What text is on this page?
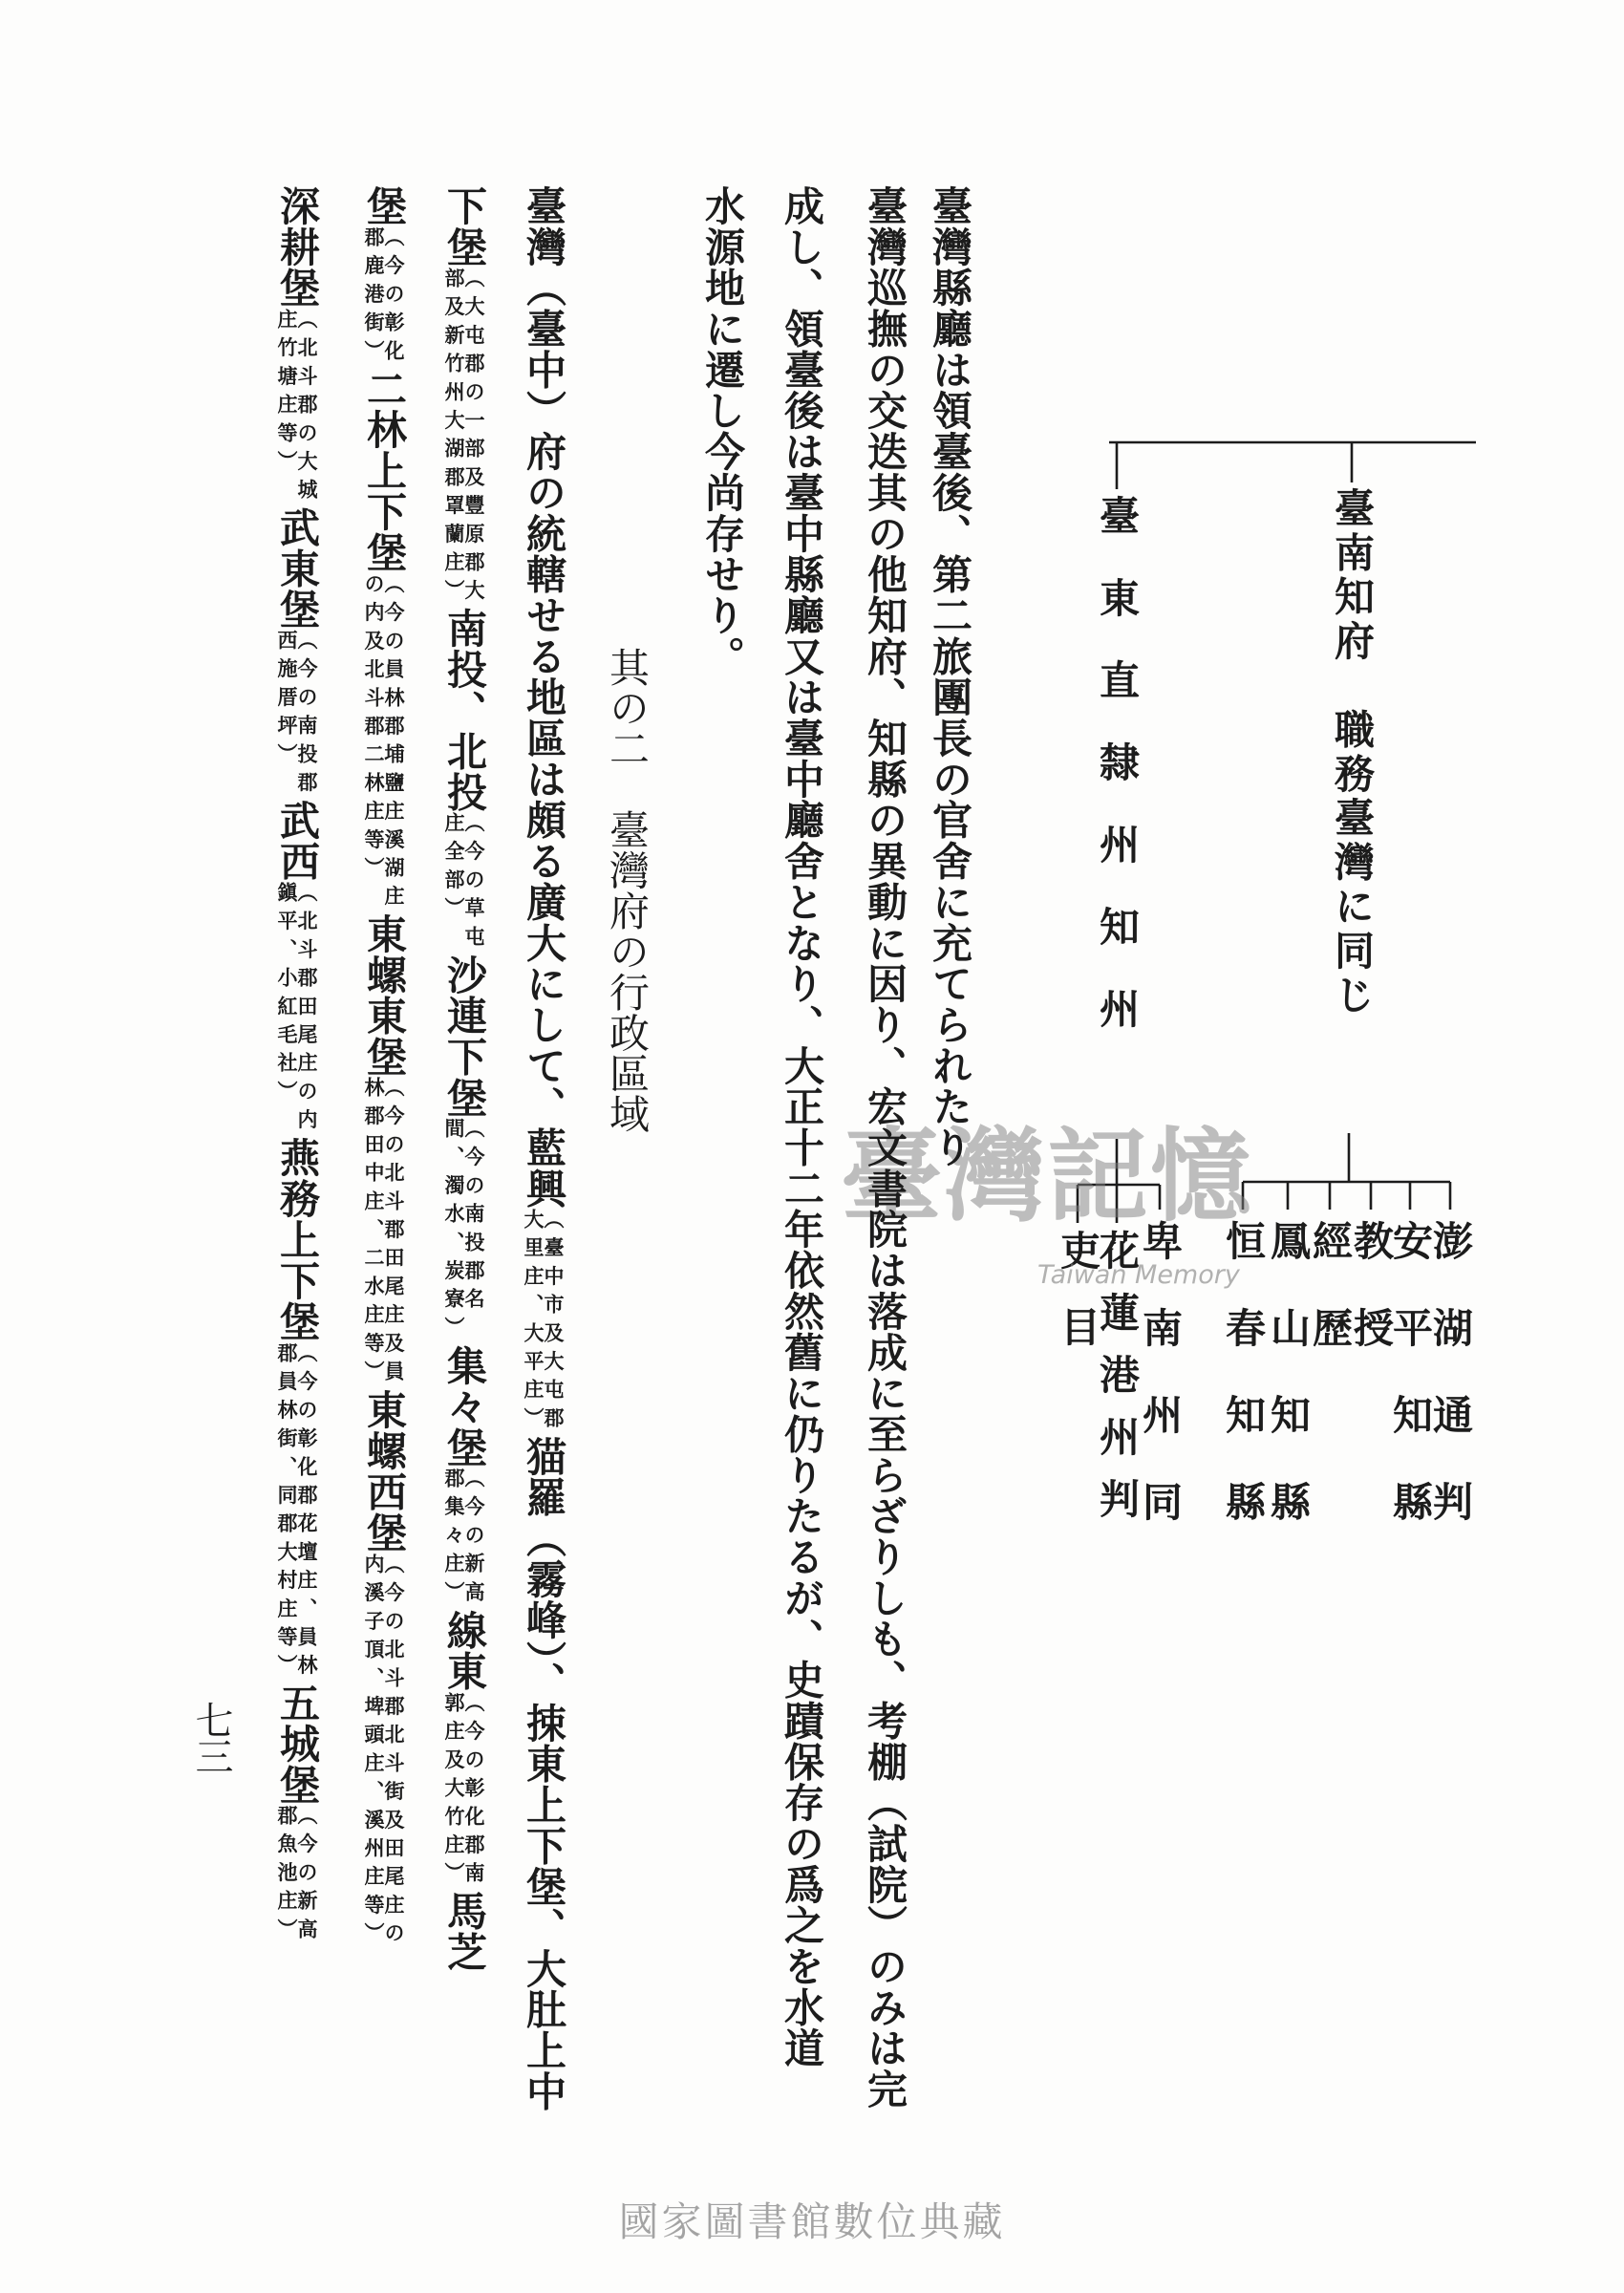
臺南知府　職務臺灣に同じ
臺東直隸州知州
澎湖通判
安平知縣
教授
經歷
鳳山知縣
恒春知縣
卑南州同
花蓮港州判
吏目
臺灣記憶
Taiwan Memory
臺灣縣廳は領臺後、第二旅團長の官舍に充てられたり
臺灣巡撫の交迭其の他知府、知縣の異動に因り、宏文書院は落成に至らざりしも、考棚（試院）のみは完
成し、領臺後は臺中縣廳又は臺中廳舍となり、大正十二年依然舊に仍りたるが、史蹟保存の爲之を水道
水源地に遷し今尚存せり。
其の二　臺灣府の行政區域
臺灣（臺中）府の統轄せる地區は頗る廣大にして、藍興
（臺中市及大屯郡
大里庄、大平庄）
猫羅（霧峰）、捒東上下堡、大肚上中
下堡
（大屯郡の一部及豐原郡大
部及新竹州大湖郡罩蘭庄）
南投、北投
（今の草屯
庄全部）
沙連下堡
（今の南投郡名
間、濁水、炭寮）
集々堡
（今の新高
郡集々庄）
線東
（今の彰化郡南
郭庄及大竹庄）
馬芝
堡
（今の彰化
郡鹿港街）
二林上下堡
（今の員林郡埔鹽庄溪湖庄
の内及北斗郡二林庄等）
東螺東堡
（今の北斗郡田尾庄及員
林郡田中庄、二水庄等）
東螺西堡
（今の北斗郡北斗街及田尾庄の
内溪子頂、埤頭庄、溪州庄等）
深耕堡
（北斗郡の大城
庄竹塘庄等）
武東堡
（今の南投郡
西施厝坪）
武西
（北斗郡田尾庄の内
鎭平、小紅毛社）
燕務上下堡
（今の彰化郡花壇庄、員林
郡員林街、同郡大村庄等）
五城堡
（今の新高
郡魚池庄）
七三
國家圖書館數位典藏
